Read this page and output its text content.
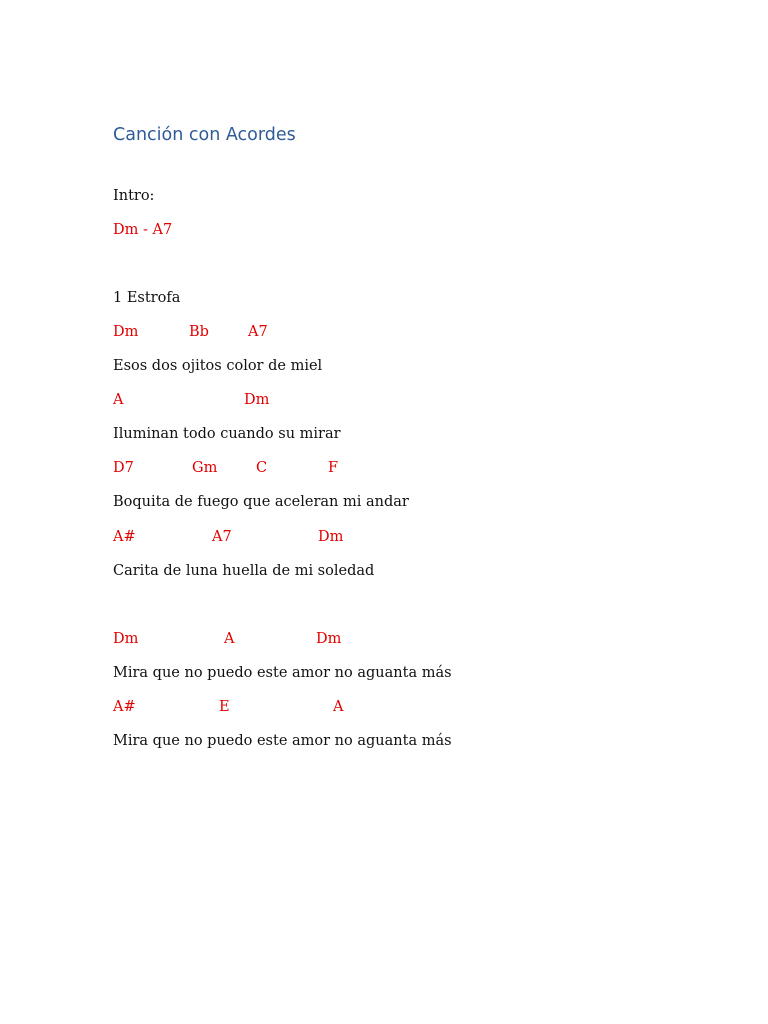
Canción con Acordes

Intro:

Dm - A7

1 Estrofa

Dm	Bb	A7

Esos dos ojitos color de miel

A	Dm

Iluminan todo cuando su mirar

D7	Gm	C	F

Boquita de fuego que aceleran mi andar

A#	A7	Dm

Carita de luna huella de mi soledad

Dm	A	Dm

Mira que no puedo este amor no aguanta más

A#	E	A

Mira que no puedo este amor no aguanta más
